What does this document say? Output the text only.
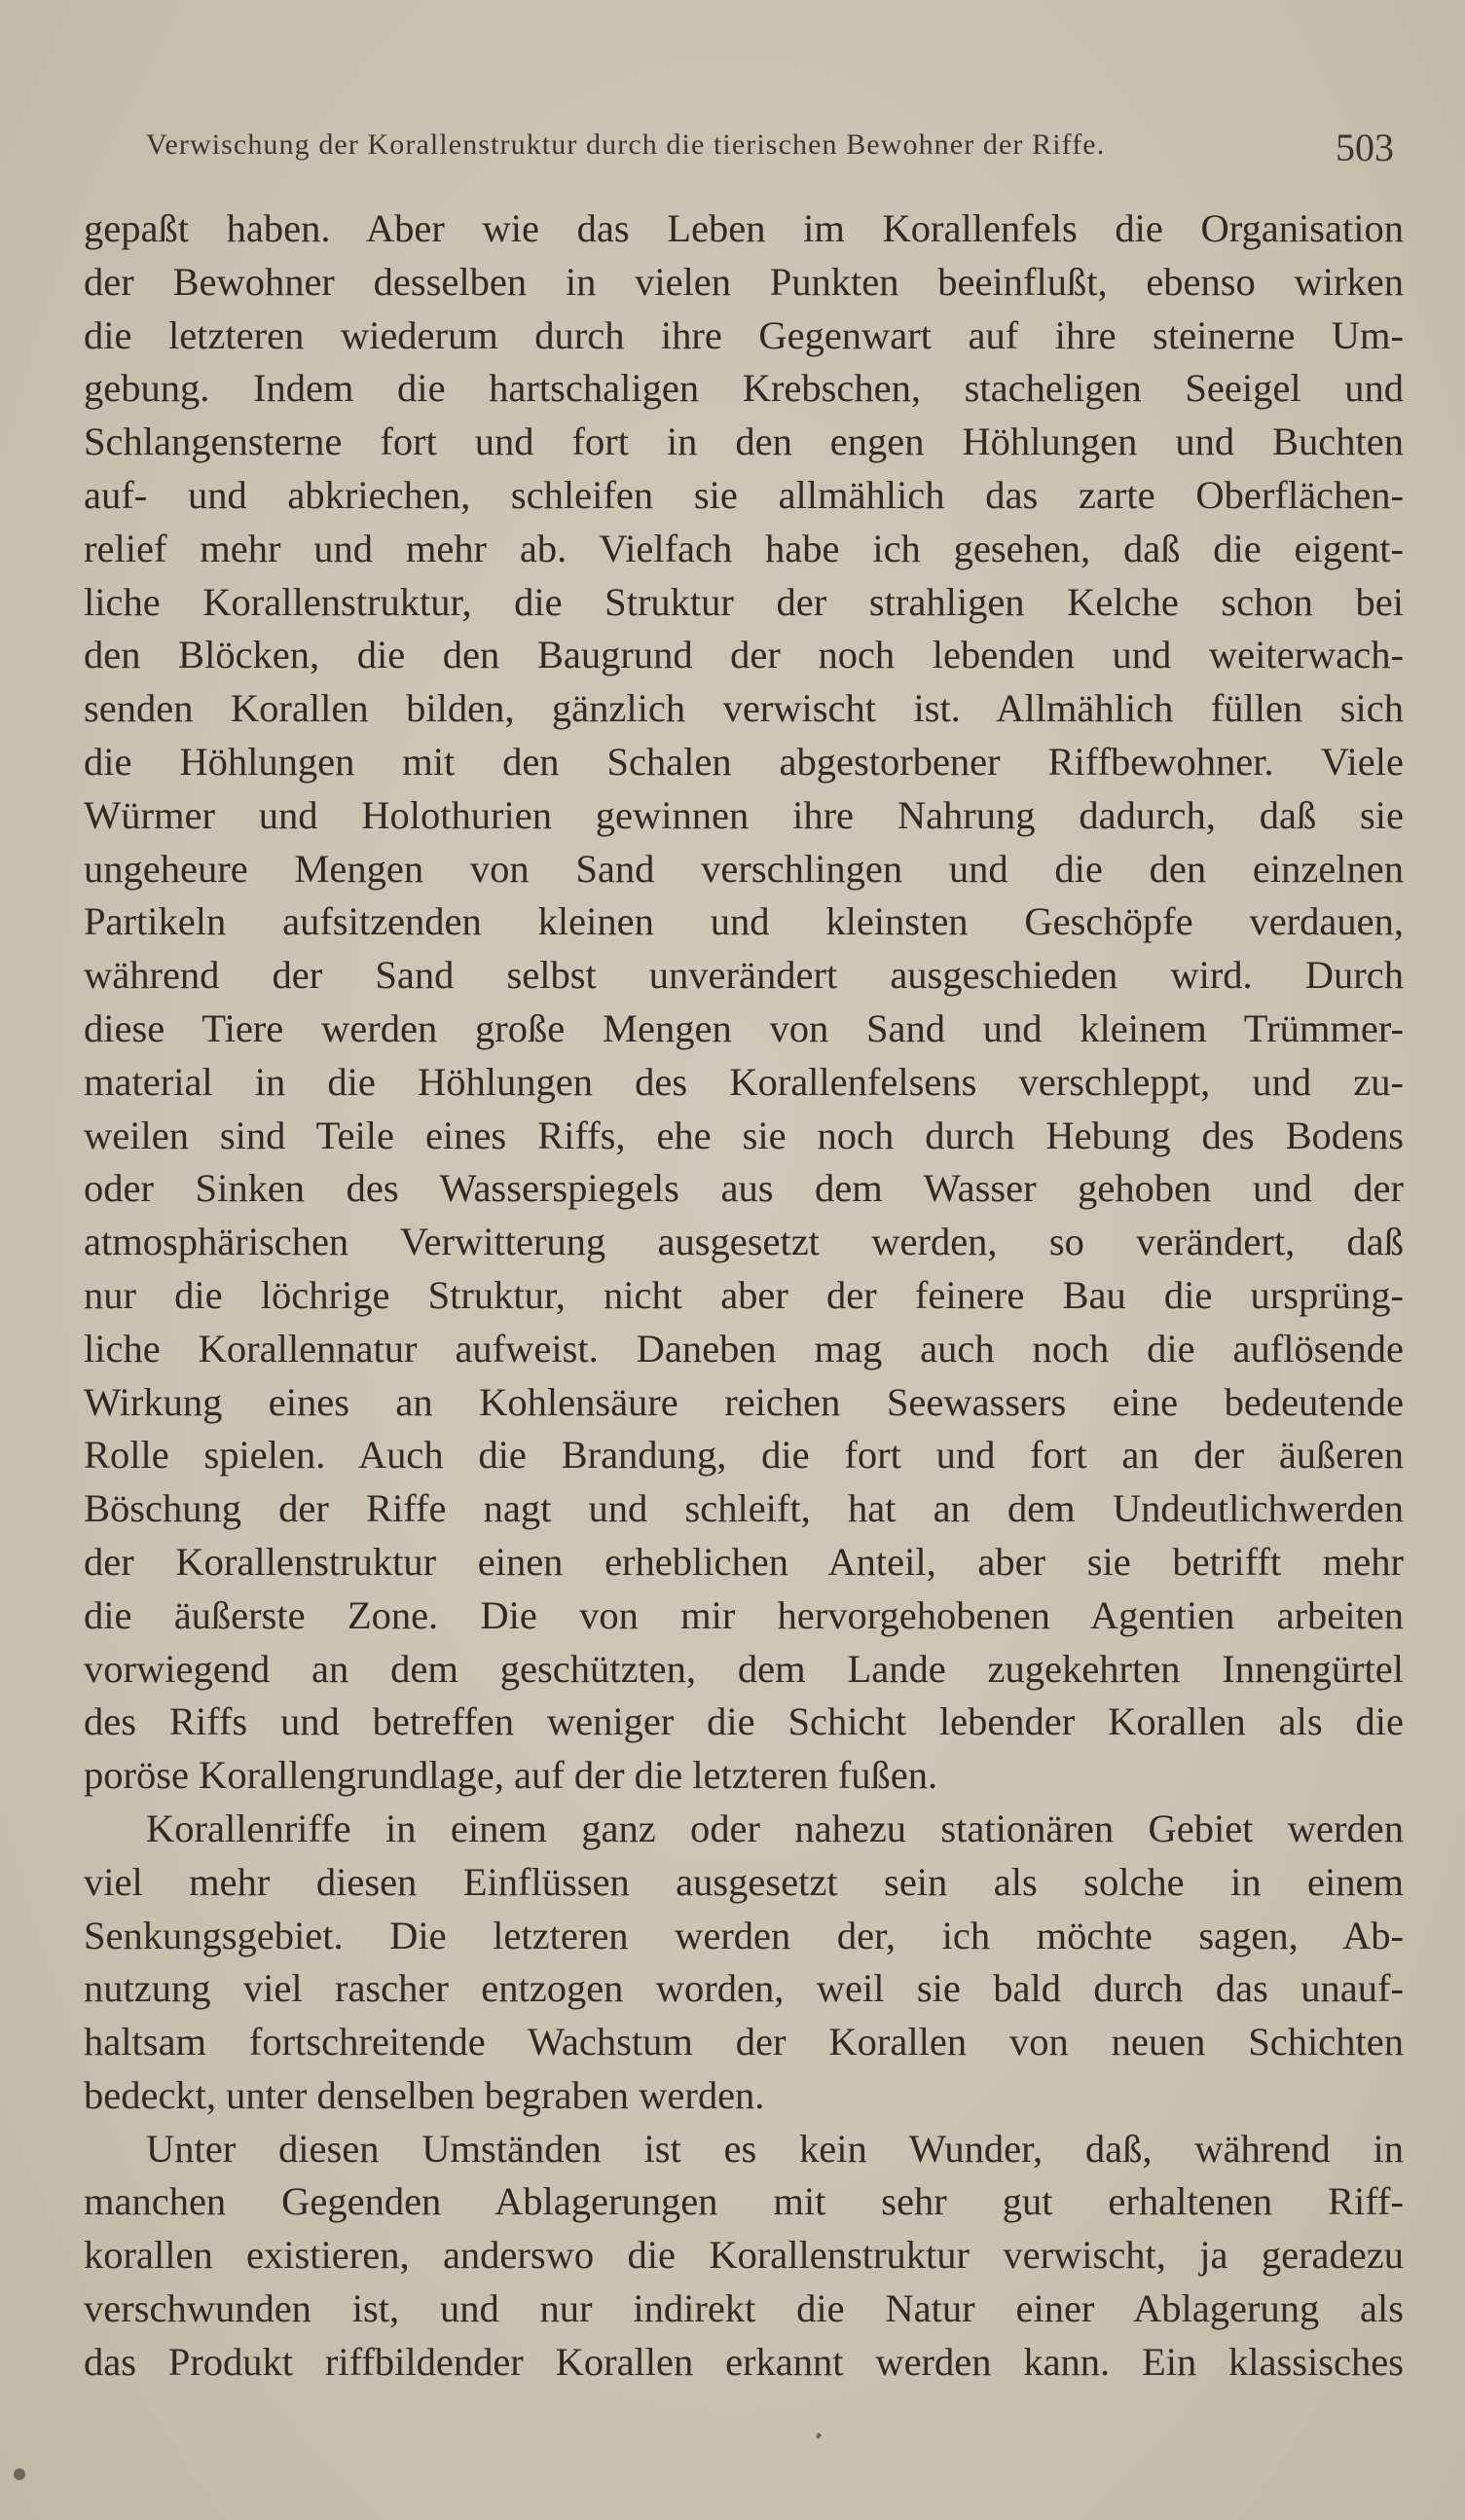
Verwischung der Korallenstruktur durch die tierischen Bewohner der Riffe.	503
gepaßt haben. Aber wie das Leben im Korallenfels die Organisation
der Bewohner desselben in vielen Punkten beeinflußt, ebenso wirken
die letzteren wiederum durch ihre Gegenwart auf ihre steinerne Um-
gebung. Indem die hartschaligen Krebschen, stacheligen Seeigel und
Schlangensterne fort und fort in den engen Höhlungen und Buchten
auf- und abkriechen, schleifen sie allmählich das zarte Oberflächen-
relief mehr und mehr ab. Vielfach habe ich gesehen, daß die eigent-
liche Korallenstruktur, die Struktur der strahligen Kelche schon bei
den Blöcken, die den Baugrund der noch lebenden und weiterwach-
senden Korallen bilden, gänzlich verwischt ist. Allmählich füllen sich
die Höhlungen mit den Schalen abgestorbener Riffbewohner. Viele
Würmer und Holothurien gewinnen ihre Nahrung dadurch, daß sie
ungeheure Mengen von Sand verschlingen und die den einzelnen
Partikeln aufsitzenden kleinen und kleinsten Geschöpfe verdauen,
während der Sand selbst unverändert ausgeschieden wird. Durch
diese Tiere werden große Mengen von Sand und kleinem Trümmer-
material in die Höhlungen des Korallenfelsens verschleppt, und zu-
weilen sind Teile eines Riffs, ehe sie noch durch Hebung des Bodens
oder Sinken des Wasserspiegels aus dem Wasser gehoben und der
atmosphärischen Verwitterung ausgesetzt werden, so verändert, daß
nur die löchrige Struktur, nicht aber der feinere Bau die ursprüng-
liche Korallennatur aufweist. Daneben mag auch noch die auflösende
Wirkung eines an Kohlensäure reichen Seewassers eine bedeutende
Rolle spielen. Auch die Brandung, die fort und fort an der äußeren
Böschung der Riffe nagt und schleift, hat an dem Undeutlichwerden
der Korallenstruktur einen erheblichen Anteil, aber sie betrifft mehr
die äußerste Zone. Die von mir hervorgehobenen Agentien arbeiten
vorwiegend an dem geschützten, dem Lande zugekehrten Innengürtel
des Riffs und betreffen weniger die Schicht lebender Korallen als die
poröse Korallengrundlage, auf der die letzteren fußen.
Korallenriffe in einem ganz oder nahezu stationären Gebiet werden
viel mehr diesen Einflüssen ausgesetzt sein als solche in einem
Senkungsgebiet. Die letzteren werden der, ich möchte sagen, Ab-
nutzung viel rascher entzogen worden, weil sie bald durch das unauf-
haltsam fortschreitende Wachstum der Korallen von neuen Schichten
bedeckt, unter denselben begraben werden.
Unter diesen Umständen ist es kein Wunder, daß, während in
manchen Gegenden Ablagerungen mit sehr gut erhaltenen Riff-
korallen existieren, anderswo die Korallenstruktur verwischt, ja geradezu
verschwunden ist, und nur indirekt die Natur einer Ablagerung als
das Produkt riffbildender Korallen erkannt werden kann. Ein klassisches
